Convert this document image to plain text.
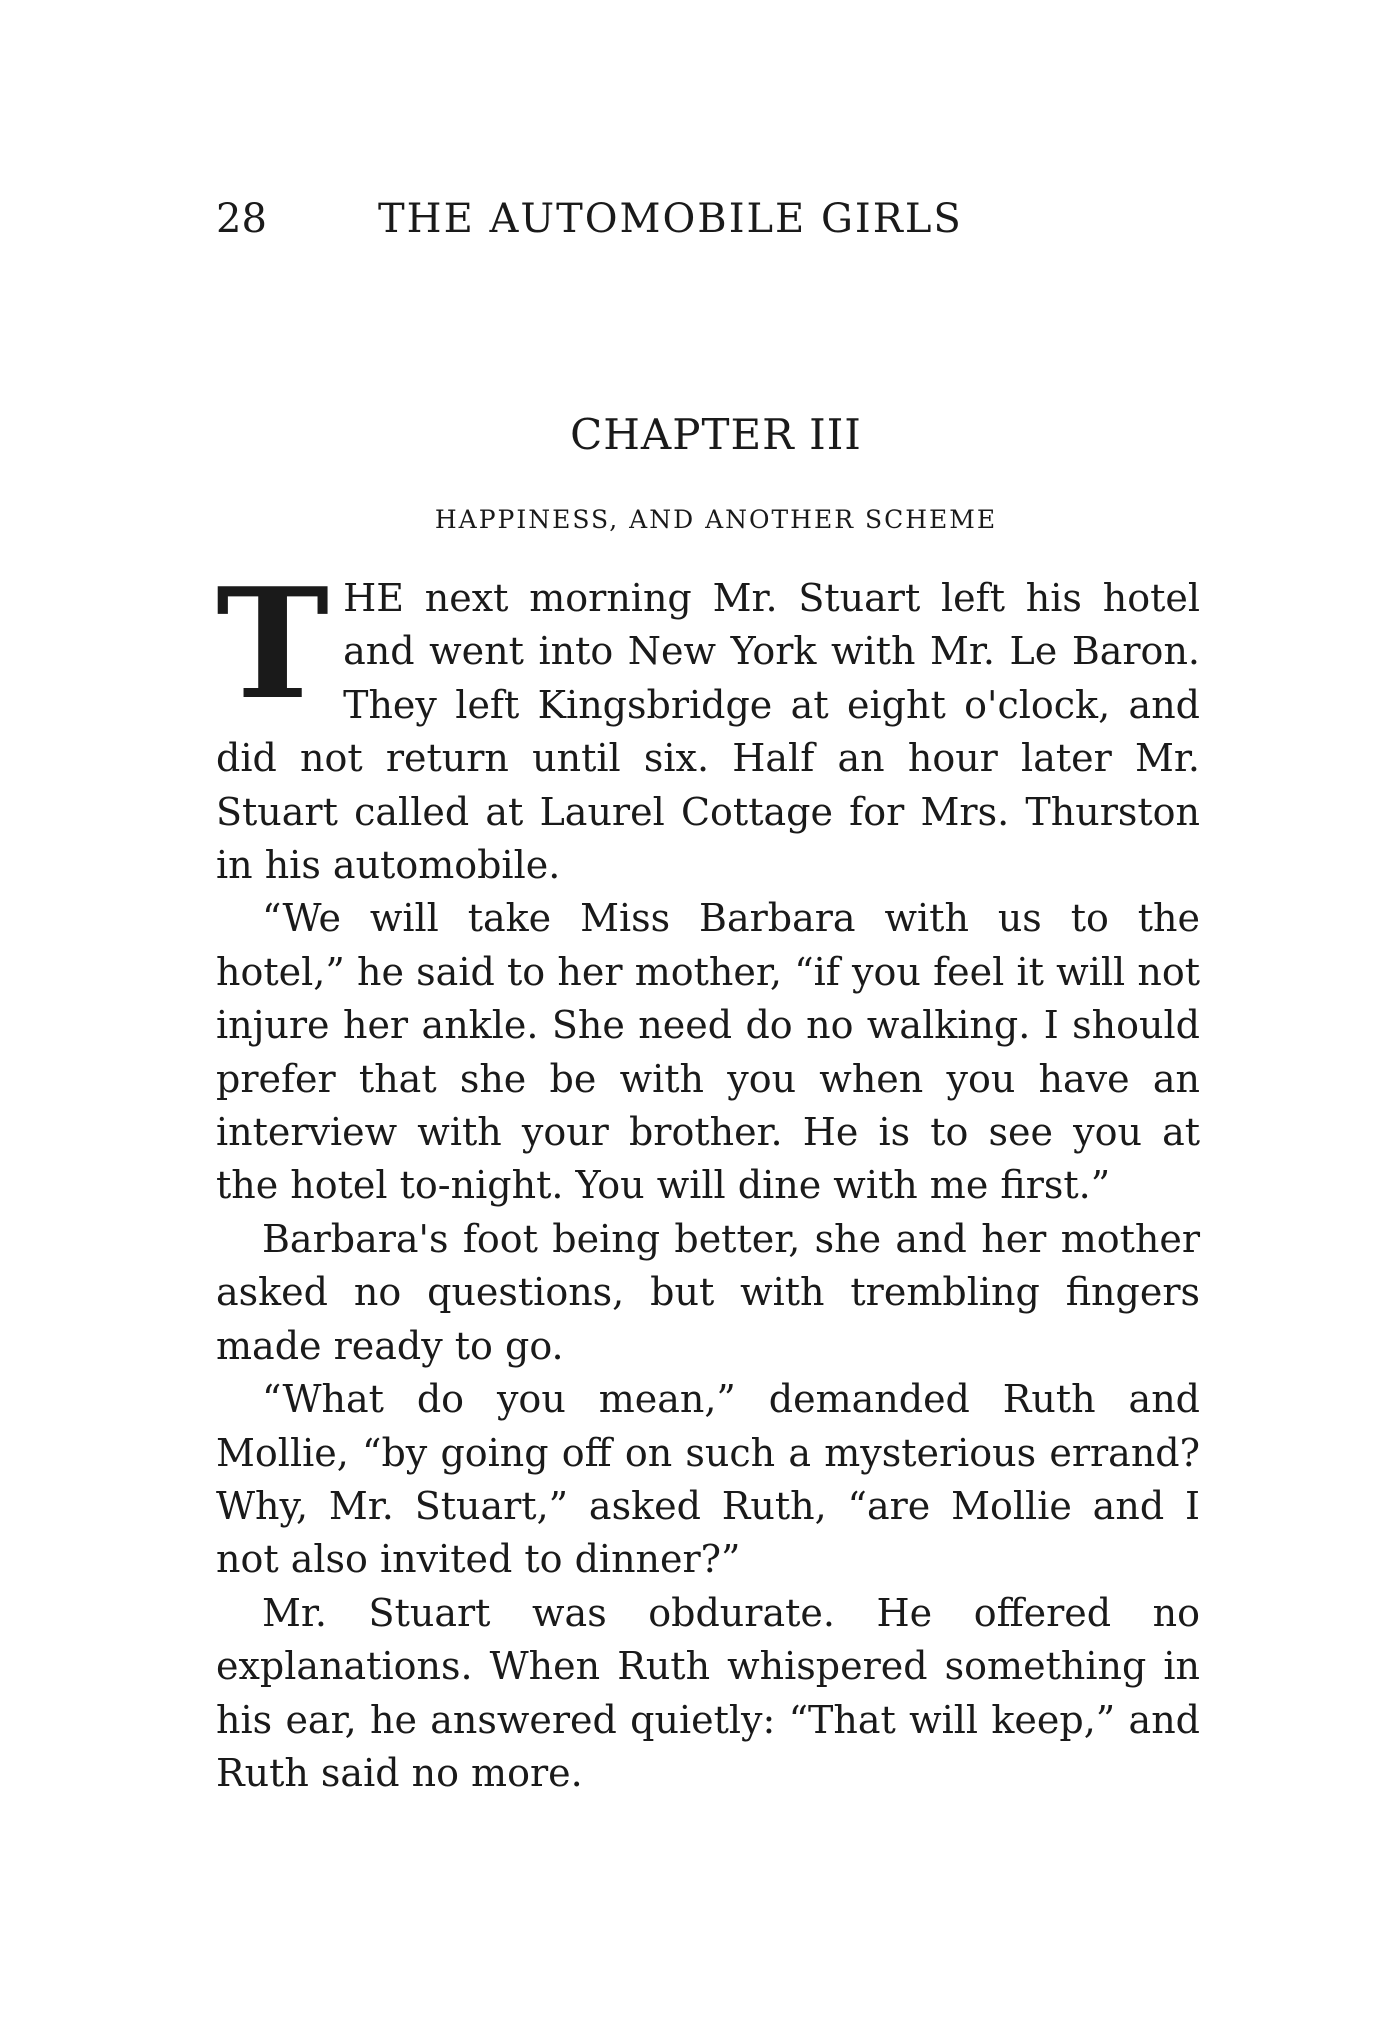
28	THE AUTOMOBILE GIRLS
CHAPTER III
HAPPINESS, AND ANOTHER SCHEME

THE next morning Mr. Stuart left his hotel and went into New York with Mr. Le Baron. They left Kingsbridge at eight o'clock, and did not return until six. Half an hour later Mr. Stuart called at Laurel Cottage for Mrs. Thurston in his automobile.

“We will take Miss Barbara with us to the hotel,” he said to her mother, “if you feel it will not injure her ankle. She need do no walking. I should prefer that she be with you when you have an interview with your brother. He is to see you at the hotel to-night. You will dine with me first.”

Barbara's foot being better, she and her mother asked no questions, but with trembling fingers made ready to go.

“What do you mean,” demanded Ruth and Mollie, “by going off on such a mysterious errand? Why, Mr. Stuart,” asked Ruth, “are Mollie and I not also invited to dinner?”

Mr. Stuart was obdurate. He offered no explanations. When Ruth whispered something in his ear, he answered quietly: “That will keep,” and Ruth said no more.
